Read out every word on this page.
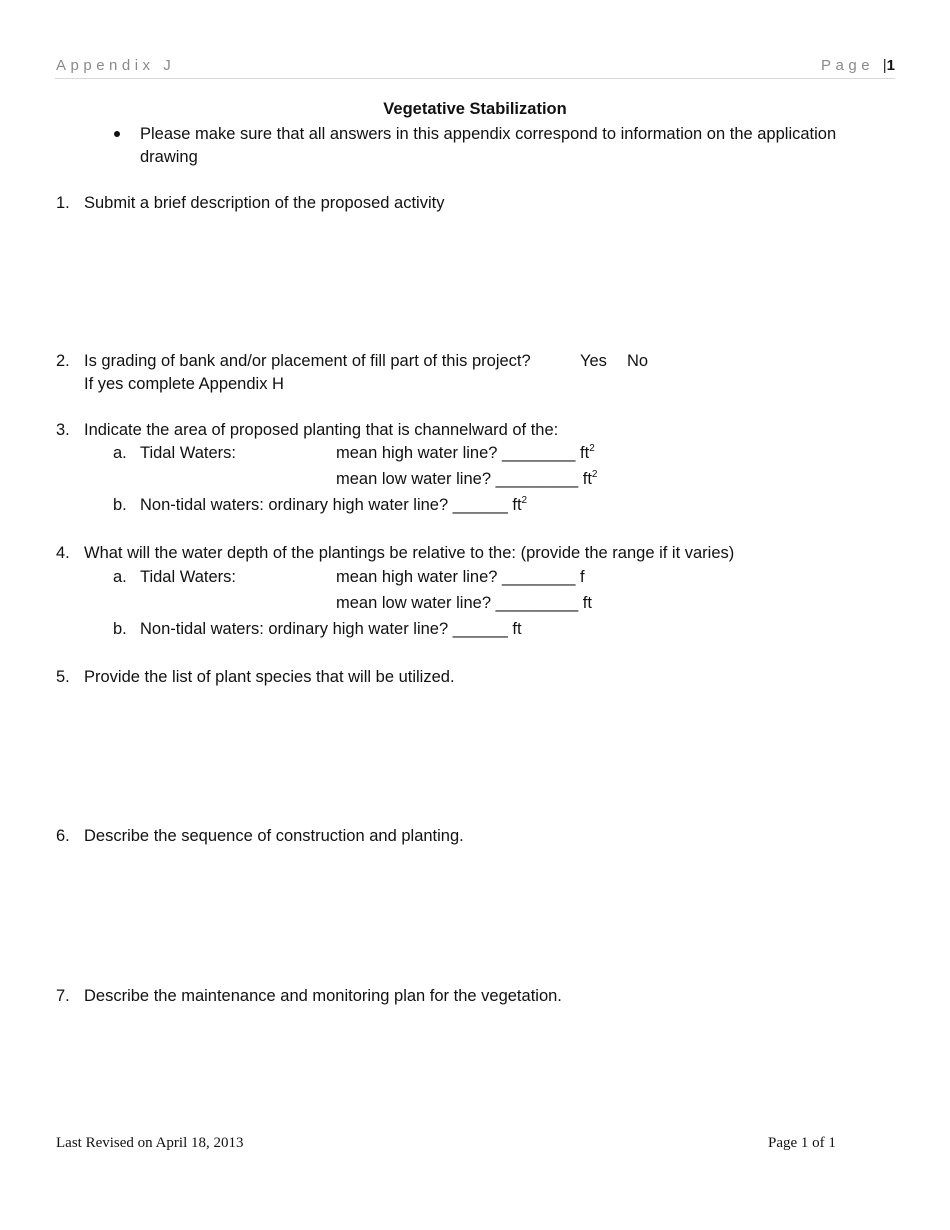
Appendix J	Page |1
Vegetative Stabilization
Please make sure that all answers in this appendix correspond to information on the application
drawing
1. Submit a brief description of the proposed activity
2. Is grading of bank and/or placement of fill part of this project?	Yes No
If yes complete Appendix H
3. Indicate the area of proposed planting that is channelward of the:
a. Tidal Waters:	mean high water line? ________ $ft^2$
mean low water line? _________ $ft^2$
b. Non-tidal waters: ordinary high water line? ______ $ft^2$
4. What will the water depth of the plantings be relative to the: (provide the range if it varies)
a. Tidal Waters:	mean high water line? ________ f
mean low water line? _________ ft
b. Non-tidal waters: ordinary high water line? ______ ft
5. Provide the list of plant species that will be utilized.
6. Describe the sequence of construction and planting.
7. Describe the maintenance and monitoring plan for the vegetation.
Last Revised on April 18, 2013	Page 1 of 1
